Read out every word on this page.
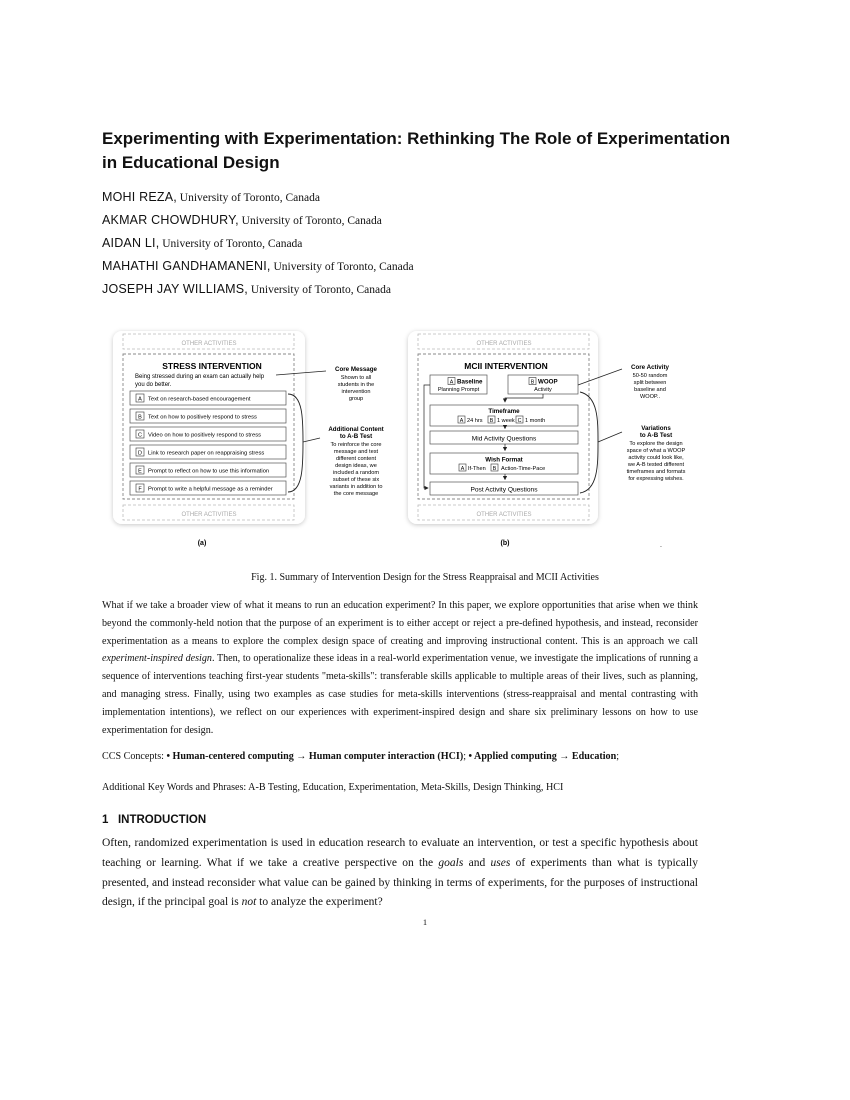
Experimenting with Experimentation: Rethinking The Role of Experimentation in Educational Design
MOHI REZA, University of Toronto, Canada
AKMAR CHOWDHURY, University of Toronto, Canada
AIDAN LI, University of Toronto, Canada
MAHATHI GANDHAMANENI, University of Toronto, Canada
JOSEPH JAY WILLIAMS, University of Toronto, Canada
OTHER ACTIVITIES
STRESS INTERVENTION
Being stressed during an exam can actually help
you do better.
A Text on research-based encouragement
B Text on how to positively respond to stress
C Video on how to positively respond to stress
D Link to research paper on reappraising stress
E Prompt to reflect on how to use this information
F Prompt to write a helpful message as a reminder
OTHER ACTIVITIES
Core Message
Shown to all
students in the
intervention
group
Additional Content
to A-B Test
To reinforce the core
message and test
different content
design ideas, we
included a random
subset of these six
variants in addition to
the core message
(a)
OTHER ACTIVITIES
MCII INTERVENTION
A Baseline
Planning Prompt
B WOOP
Activity
Timeframe
A 24 hrs B 1 week C 1 month
Mid Activity Questions
Wish Format
A If-Then B Action-Time-Pace
Post Activity Questions
OTHER ACTIVITIES
Core Activity
50-50 random
split between
baseline and
WOOP..
Variations
to A-B Test
To explore the design
space of what a WOOP
activity could look like,
we A-B tested different
timeframes and formats
for expressing wishes.
(b)	.
Fig. 1. Summary of Intervention Design for the Stress Reappraisal and MCII Activities
What if we take a broader view of what it means to run an education experiment? In this paper, we explore opportunities that arise when we think beyond the commonly-held notion that the purpose of an experiment is to either accept or reject a pre-defined hypothesis, and instead, reconsider experimentation as a means to explore the complex design space of creating and improving instructional content. This is an approach we call experiment-inspired design. Then, to operationalize these ideas in a real-world experimentation venue, we investigate the implications of running a sequence of interventions teaching first-year students "meta-skills": transferable skills applicable to multiple areas of their lives, such as planning, and managing stress. Finally, using two examples as case studies for meta-skills interventions (stress-reappraisal and mental contrasting with implementation intentions), we reflect on our experiences with experiment-inspired design and share six preliminary lessons on how to use experimentation for design.
CCS Concepts: • Human-centered computing → Human computer interaction (HCI); • Applied computing → Education;
Additional Key Words and Phrases: A-B Testing, Education, Experimentation, Meta-Skills, Design Thinking, HCI
1   INTRODUCTION
Often, randomized experimentation is used in education research to evaluate an intervention, or test a specific hypothesis about teaching or learning. What if we take a creative perspective on the goals and uses of experiments than what is typically presented, and instead reconsider what value can be gained by thinking in terms of experiments, for the purposes of instructional design, if the principal goal is not to analyze the experiment?
1
